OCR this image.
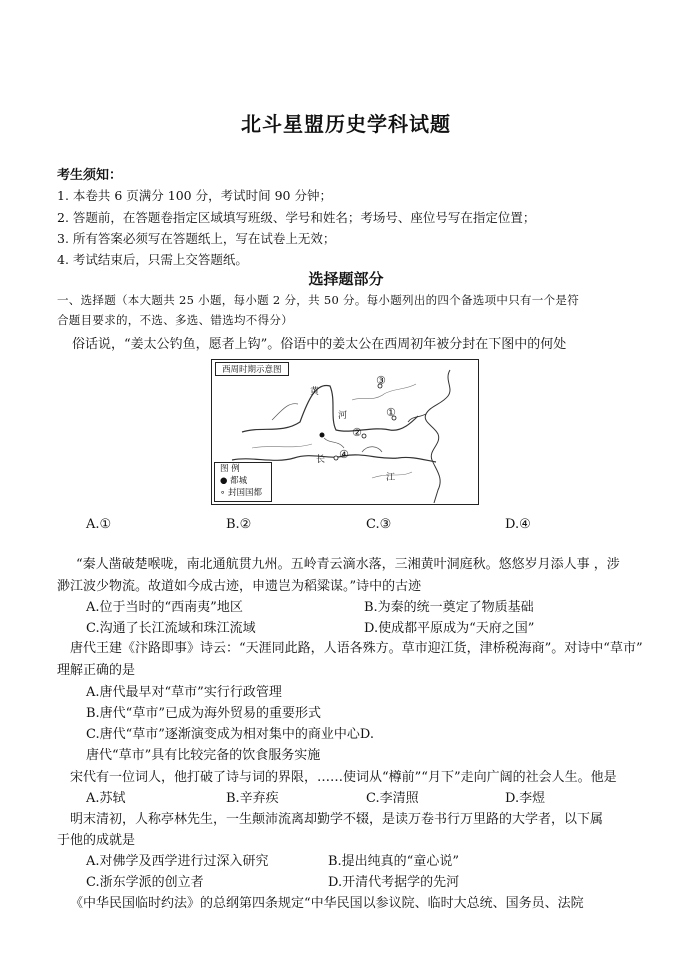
北斗星盟历史学科试题
考生须知：
1. 本卷共 6 页满分 100 分，考试时间 90 分钟；
2. 答题前，在答题卷指定区域填写班级、学号和姓名；考场号、座位号写在指定位置；
3. 所有答案必须写在答题纸上，写在试卷上无效；
4. 考试结束后，只需上交答题纸。
选择题部分
一、选择题（本大题共 25 小题，每小题 2 分，共 50 分。每小题列出的四个备选项中只有一个是符
合题目要求的，不选、多选、错选均不得分）
俗话说，“姜太公钓鱼，愿者上钩”。俗语中的姜太公在西周初年被分封在下图中的何处
西周时期示意图
黄
河
长
江
③
①
②
④
图 例
● 都城
∘ 封国国都
A.①	B.②	C.③	D.④
“秦人凿破楚喉咙，南北通航贯九州。五岭青云滴水落，三湘黄叶洞庭秋。悠悠岁月添人事 ，涉
渺江波少物流。故道如今成古迹，申遗岂为稻粱谋。”诗中的古迹
A.位于当时的“西南夷”地区	B.为秦的统一奠定了物质基础
C.沟通了长江流域和珠江流域	D.使成都平原成为“天府之国”
唐代王建《汴路即事》诗云：“天涯同此路，人语各殊方。草市迎江货，津桥税海商”。对诗中“草市”
理解正确的是
A.唐代最早对“草市”实行行政管理
B.唐代“草市”已成为海外贸易的重要形式
C.唐代“草市”逐渐演变成为相对集中的商业中心D.
唐代“草市”具有比较完备的饮食服务实施
宋代有一位词人，他打破了诗与词的界限，……使词从“樽前”“月下”走向广阔的社会人生。他是
A.苏轼	B.辛弃疾	C.李清照	D.李煜
明末清初，人称亭林先生，一生颠沛流离却勤学不辍，是读万卷书行万里路的大学者，以下属
于他的成就是
A.对佛学及西学进行过深入研究	B.提出纯真的“童心说”
C.浙东学派的创立者	D.开清代考据学的先河
《中华民国临时约法》的总纲第四条规定“中华民国以参议院、临时大总统、国务员、法院
